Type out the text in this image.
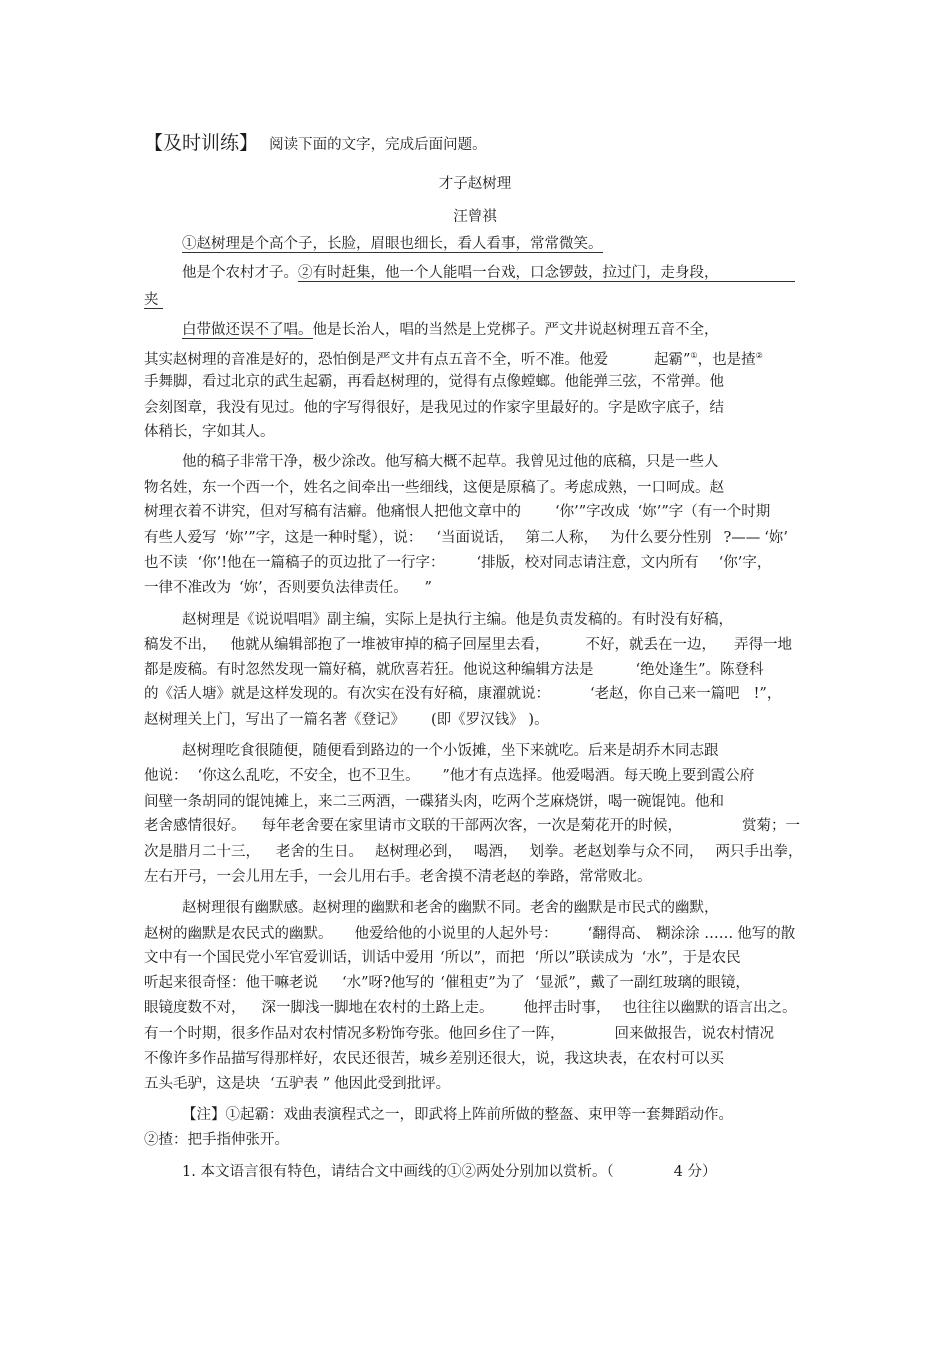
【及时训练】 阅读下面的文字，完成后面问题。
才子赵树理
汪曾祺
①赵树理是个高个子，长脸，眉眼也细长，看人看事，常常微笑。
他是个农村才子。②有时赶集，他一个人能唱一台戏，口念锣鼓，拉过门，走身段，
夹
白带做还误不了唱。他是长治人，唱的当然是上党梆子。严文井说赵树理五音不全，
其实赵树理的音准是好的，恐怕倒是严文井有点五音不全，听不准。他爱	起霸”①，也是揸②
手舞脚，看过北京的武生起霸，再看赵树理的，觉得有点像螳螂。他能弹三弦，不常弹。他
会刻图章，我没有见过。他的字写得很好，是我见过的作家字里最好的。字是欧字底子，结
体稍长，字如其人。
他的稿子非常干净，极少涂改。他写稿大概不起草。我曾见过他的底稿，只是一些人
物名姓，东一个西一个，姓名之间牵出一些细线，这便是原稿了。考虑成熟，一口呵成。赵
树理衣着不讲究，但对写稿有洁癖。他痛恨人把他文章中的 ‘你’”字改成 ‘妳’”字（有一个时期
有些人爱写 ‘妳’”字，这是一种时髦），说： ‘当面说话， 第二人称， 为什么要分性别 ?—— ‘妳’
也不读 ‘你’!他在一篇稿子的页边批了一行字： ‘排版，校对同志请注意，文内所有 ‘你’字，
一律不准改为 ‘妳’，否则要负法律责任。 ”
赵树理是《说说唱唱》副主编，实际上是执行主编。他是负责发稿的。有时没有好稿，
稿发不出， 他就从编辑部抱了一堆被审掉的稿子回屋里去看， 不好，就丢在一边， 弄得一地
都是废稿。有时忽然发现一篇好稿，就欣喜若狂。他说这种编辑方法是	‘绝处逢生”。陈登科
的《活人塘》就是这样发现的。有次实在没有好稿，康濯就说：	‘老赵，你自己来一篇吧 !”，
赵树理关上门，写出了一篇名著《登记》 (即《罗汉钱》 )。
赵树理吃食很随便，随便看到路边的一个小饭摊，坐下来就吃。后来是胡乔木同志跟
他说： ‘你这么乱吃，不安全，也不卫生。 ”他才有点选择。他爱喝酒。每天晚上要到霞公府
间壁一条胡同的馄饨摊上，来二三两酒，一碟猪头肉，吃两个芝麻烧饼，喝一碗馄饨。他和
老舍感情很好。 每年老舍要在家里请市文联的干部两次客，一次是菊花开的时候，	赏菊；一
次是腊月二十三， 老舍的生日。 赵树理必到， 喝酒， 划拳。老赵划拳与众不同， 两只手出拳，
左右开弓，一会儿用左手，一会儿用右手。老舍摸不清老赵的拳路，常常败北。
赵树理很有幽默感。赵树理的幽默和老舍的幽默不同。老舍的幽默是市民式的幽默，
赵树的幽默是农民式的幽默。 他爱给他的小说里的人起外号： ‘翻得高、 糊涂涂 …… 他写的散
文中有一个国民党小军官爱训话，训话中爱用 ‘所以”，而把 ‘所以”联读成为 ‘水”，于是农民
听起来很奇怪：他干嘛老说 ‘水”呀?他写的 ‘催租吏”为了 ‘显派”，戴了一副红玻璃的眼镜，
眼镜度数不对， 深一脚浅一脚地在农村的土路上走。 他抨击时事， 也往往以幽默的语言出之。
有一个时期，很多作品对农村情况多粉饰夸张。他回乡住了一阵，	回来做报告，说农村情况
不像许多作品描写得那样好，农民还很苦，城乡差别还很大，说，我这块表，在农村可以买
五头毛驴，这是块 ‘五驴表 ” 他因此受到批评。
【注】①起霸：戏曲表演程式之一，即武将上阵前所做的整盔、束甲等一套舞蹈动作。
②揸：把手指伸张开。
1. 本文语言很有特色，请结合文中画线的①②两处分别加以赏析。（	4 分）
